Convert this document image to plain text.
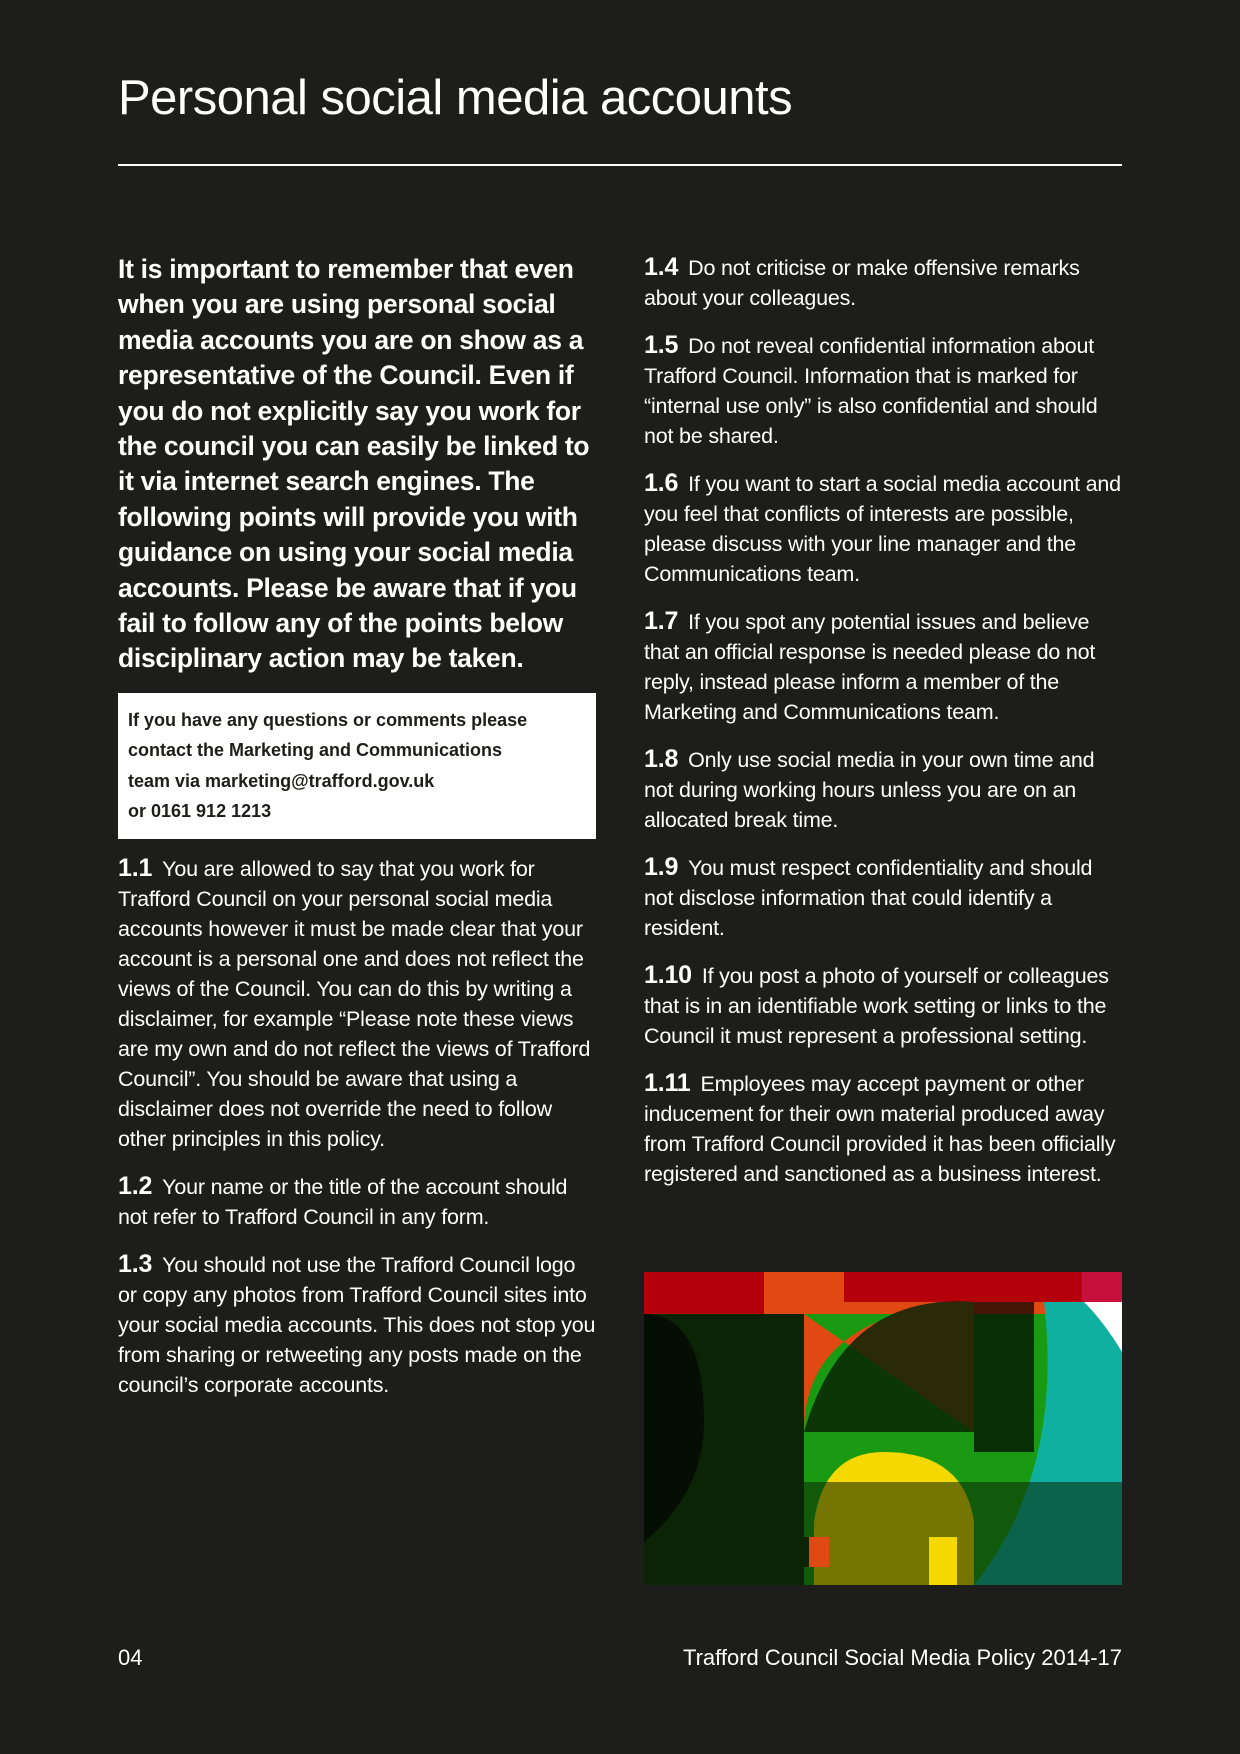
Personal social media accounts

It is important to remember that even when you are using personal social media accounts you are on show as a representative of the Council. Even if you do not explicitly say you work for the council you can easily be linked to it via internet search engines. The following points will provide you with guidance on using your social media accounts. Please be aware that if you fail to follow any of the points below disciplinary action may be taken.

If you have any questions or comments please
contact the Marketing and Communications
team via marketing@trafford.gov.uk
or 0161 912 1213

1.1 You are allowed to say that you work for Trafford Council on your personal social media accounts however it must be made clear that your account is a personal one and does not reflect the views of the Council. You can do this by writing a disclaimer, for example “Please note these views are my own and do not reflect the views of Trafford Council”. You should be aware that using a disclaimer does not override the need to follow other principles in this policy.

1.2 Your name or the title of the account should not refer to Trafford Council in any form.

1.3 You should not use the Trafford Council logo or copy any photos from Trafford Council sites into your social media accounts. This does not stop you from sharing or retweeting any posts made on the council’s corporate accounts.

1.4 Do not criticise or make offensive remarks about your colleagues.

1.5 Do not reveal confidential information about Trafford Council. Information that is marked for “internal use only” is also confidential and should not be shared.

1.6 If you want to start a social media account and you feel that conflicts of interests are possible, please discuss with your line manager and the Communications team.

1.7 If you spot any potential issues and believe that an official response is needed please do not reply, instead please inform a member of the Marketing and Communications team.

1.8 Only use social media in your own time and not during working hours unless you are on an allocated break time.

1.9 You must respect confidentiality and should not disclose information that could identify a resident.

1.10 If you post a photo of yourself or colleagues that is in an identifiable work setting or links to the Council it must represent a professional setting.

1.11 Employees may accept payment or other inducement for their own material produced away from Trafford Council provided it has been officially registered and sanctioned as a business interest.

04	Trafford Council Social Media Policy 2014-17
